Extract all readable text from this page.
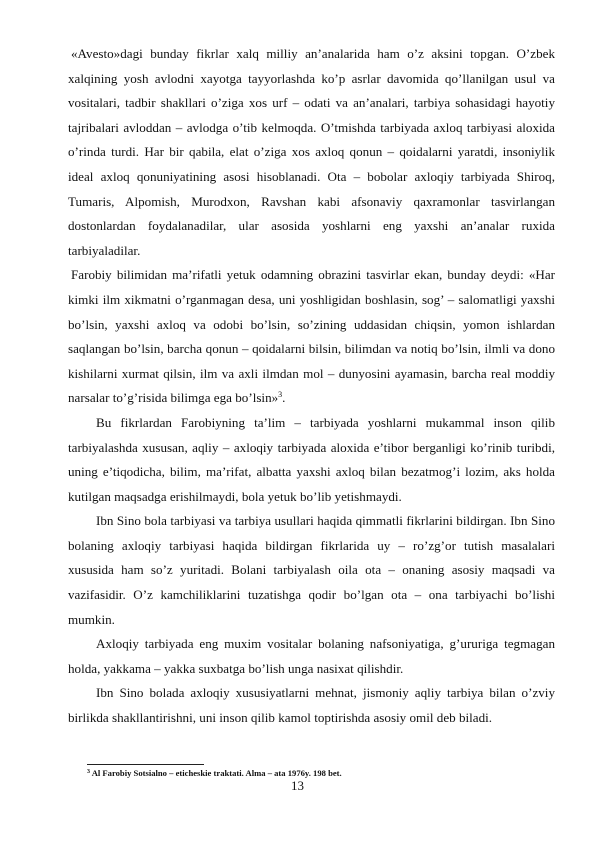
«Avesto»dagi bunday fikrlar xalq milliy an’analarida ham o’z aksini topgan. O’zbek xalqining yosh avlodni xayotga tayyorlashda ko’p asrlar davomida qo’llanilgan usul va vositalari, tadbir shakllari o’ziga xos urf – odati va an’analari, tarbiya sohasidagi hayotiy tajribalari avloddan – avlodga o’tib kelmoqda. O’tmishda tarbiyada axloq tarbiyasi aloxida o’rinda turdi. Har bir qabila, elat o’ziga xos axloq qonun – qoidalarni yaratdi, insoniylik ideal axloq qonuniyatining asosi hisoblanadi. Ota – bobolar axloqiy tarbiyada Shiroq, Tumaris, Alpomish, Murodxon, Ravshan kabi afsonaviy qaxramonlar tasvirlangan dostonlardan foydalanadilar, ular asosida yoshlarni eng yaxshi an’analar ruxida tarbiyaladilar.

Farobiy bilimidan ma’rifatli yetuk odamning obrazini tasvirlar ekan, bunday deydi: «Har kimki ilm xikmatni o’rganmagan desa, uni yoshligidan boshlasin, sog’ – salomatligi yaxshi bo’lsin, yaxshi axloq va odobi bo’lsin, so’zining uddasidan chiqsin, yomon ishlardan saqlangan bo’lsin, barcha qonun – qoidalarni bilsin, bilimdan va notiq bo’lsin, ilmli va dono kishilarni xurmat qilsin, ilm va axli ilmdan mol – dunyosini ayamasin, barcha real moddiy narsalar to’g’risida bilimga ega bo’lsin»$^3$.

Bu fikrlardan Farobiyning ta’lim – tarbiyada yoshlarni mukammal inson qilib tarbiyalashda xususan, aqliy – axloqiy tarbiyada aloxida e’tibor berganligi ko’rinib turibdi, uning e’tiqodicha, bilim, ma’rifat, albatta yaxshi axloq bilan bezatmog’i lozim, aks holda kutilgan maqsadga erishilmaydi, bola yetuk bo’lib yetishmaydi.

Ibn Sino bola tarbiyasi va tarbiya usullari haqida qimmatli fikrlarini bildirgan. Ibn Sino bolaning axloqiy tarbiyasi haqida bildirgan fikrlarida uy – ro’zg’or tutish masalalari xususida ham so’z yuritadi. Bolani tarbiyalash oila ota – onaning asosiy maqsadi va vazifasidir. O’z kamchiliklarini tuzatishga qodir bo’lgan ota – ona tarbiyachi bo’lishi mumkin.

Axloqiy tarbiyada eng muxim vositalar bolaning nafsoniyatiga, g’ururiga tegmagan holda, yakkama – yakka suxbatga bo’lish unga nasixat qilishdir.

Ibn Sino bolada axloqiy xususiyatlarni mehnat, jismoniy aqliy tarbiya bilan o’zviy birlikda shakllantirishni, uni inson qilib kamol toptirishda asosiy omil deb biladi.

$^3$ Al Farobiy Sotsialno – eticheskie traktati. Alma – ata 1976y. 198 bet.
13
